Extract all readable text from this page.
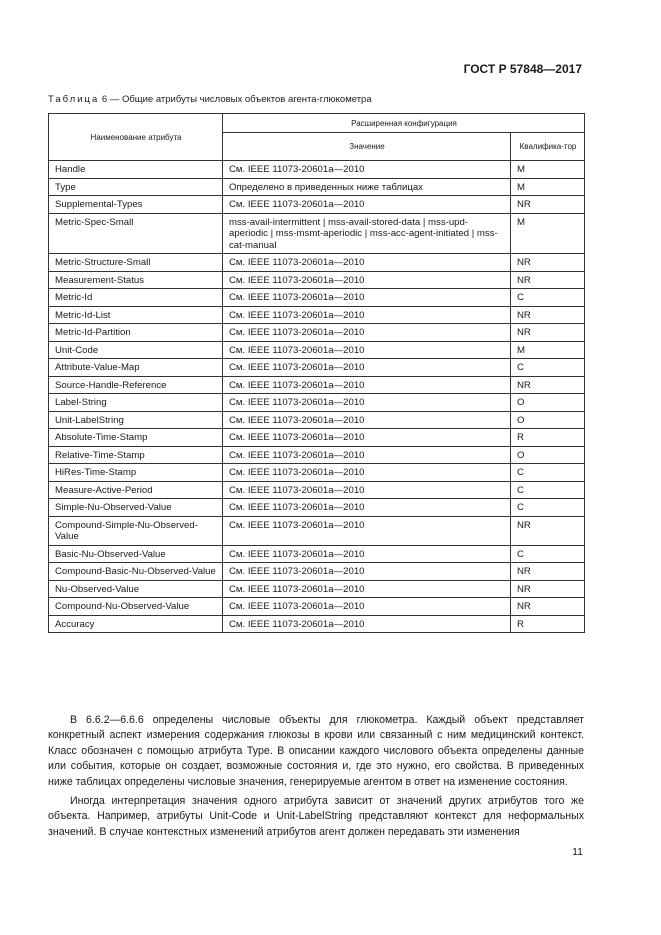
ГОСТ Р 57848—2017
Таблица 6 — Общие атрибуты числовых объектов агента-глюкометра
Наименование атрибута	Расширенная конфигурация	
	Значение	Квалифика-тор
Handle	См. IEEE 11073-20601a—2010	M
Type	Определено в приведенных ниже таблицах	M
Supplemental-Types	См. IEEE 11073-20601a—2010	NR
Metric-Spec-Small	mss-avail-intermittent | mss-avail-stored-data | mss-upd-aperiodic | mss-msmt-aperiodic | mss-acc-agent-initiated | mss-cat-manual	M
Metric-Structure-Small	См. IEEE 11073-20601a—2010	NR
Measurement-Status	См. IEEE 11073-20601a—2010	NR
Metric-Id	См. IEEE 11073-20601a—2010	C
Metric-Id-List	См. IEEE 11073-20601a—2010	NR
Metric-Id-Partition	См. IEEE 11073-20601a—2010	NR
Unit-Code	См. IEEE 11073-20601a—2010	M
Attribute-Value-Map	См. IEEE 11073-20601a—2010	C
Source-Handle-Reference	См. IEEE 11073-20601a—2010	NR
Label-String	См. IEEE 11073-20601a—2010	O
Unit-LabelString	См. IEEE 11073-20601a—2010	O
Absolute-Time-Stamp	См. IEEE 11073-20601a—2010	R
Relative-Time-Stamp	См. IEEE 11073-20601a—2010	O
HiRes-Time-Stamp	См. IEEE 11073-20601a—2010	C
Measure-Active-Period	См. IEEE 11073-20601a—2010	C
Simple-Nu-Observed-Value	См. IEEE 11073-20601a—2010	C
Compound-Simple-Nu-Observed-Value	См. IEEE 11073-20601a—2010	NR
Basic-Nu-Observed-Value	См. IEEE 11073-20601a—2010	C
Compound-Basic-Nu-Observed-Value	См. IEEE 11073-20601a—2010	NR
Nu-Observed-Value	См. IEEE 11073-20601a—2010	NR
Compound-Nu-Observed-Value	См. IEEE 11073-20601a—2010	NR
Accuracy	См. IEEE 11073-20601a—2010	R

В 6.6.2—6.6.6 определены числовые объекты для глюкометра. Каждый объект представляет конкретный аспект измерения содержания глюкозы в крови или связанный с ним медицинский контекст. Класс обозначен с помощью атрибута Type. В описании каждого числового объекта определены данные или события, которые он создает, возможные состояния и, где это нужно, его свойства. В приведенных ниже таблицах определены числовые значения, генерируемые агентом в ответ на изменение состояния.

Иногда интерпретация значения одного атрибута зависит от значений других атрибутов того же объекта. Например, атрибуты Unit-Code и Unit-LabelString представляют контекст для неформальных значений. В случае контекстных изменений атрибутов агент должен передавать эти изменения

11
